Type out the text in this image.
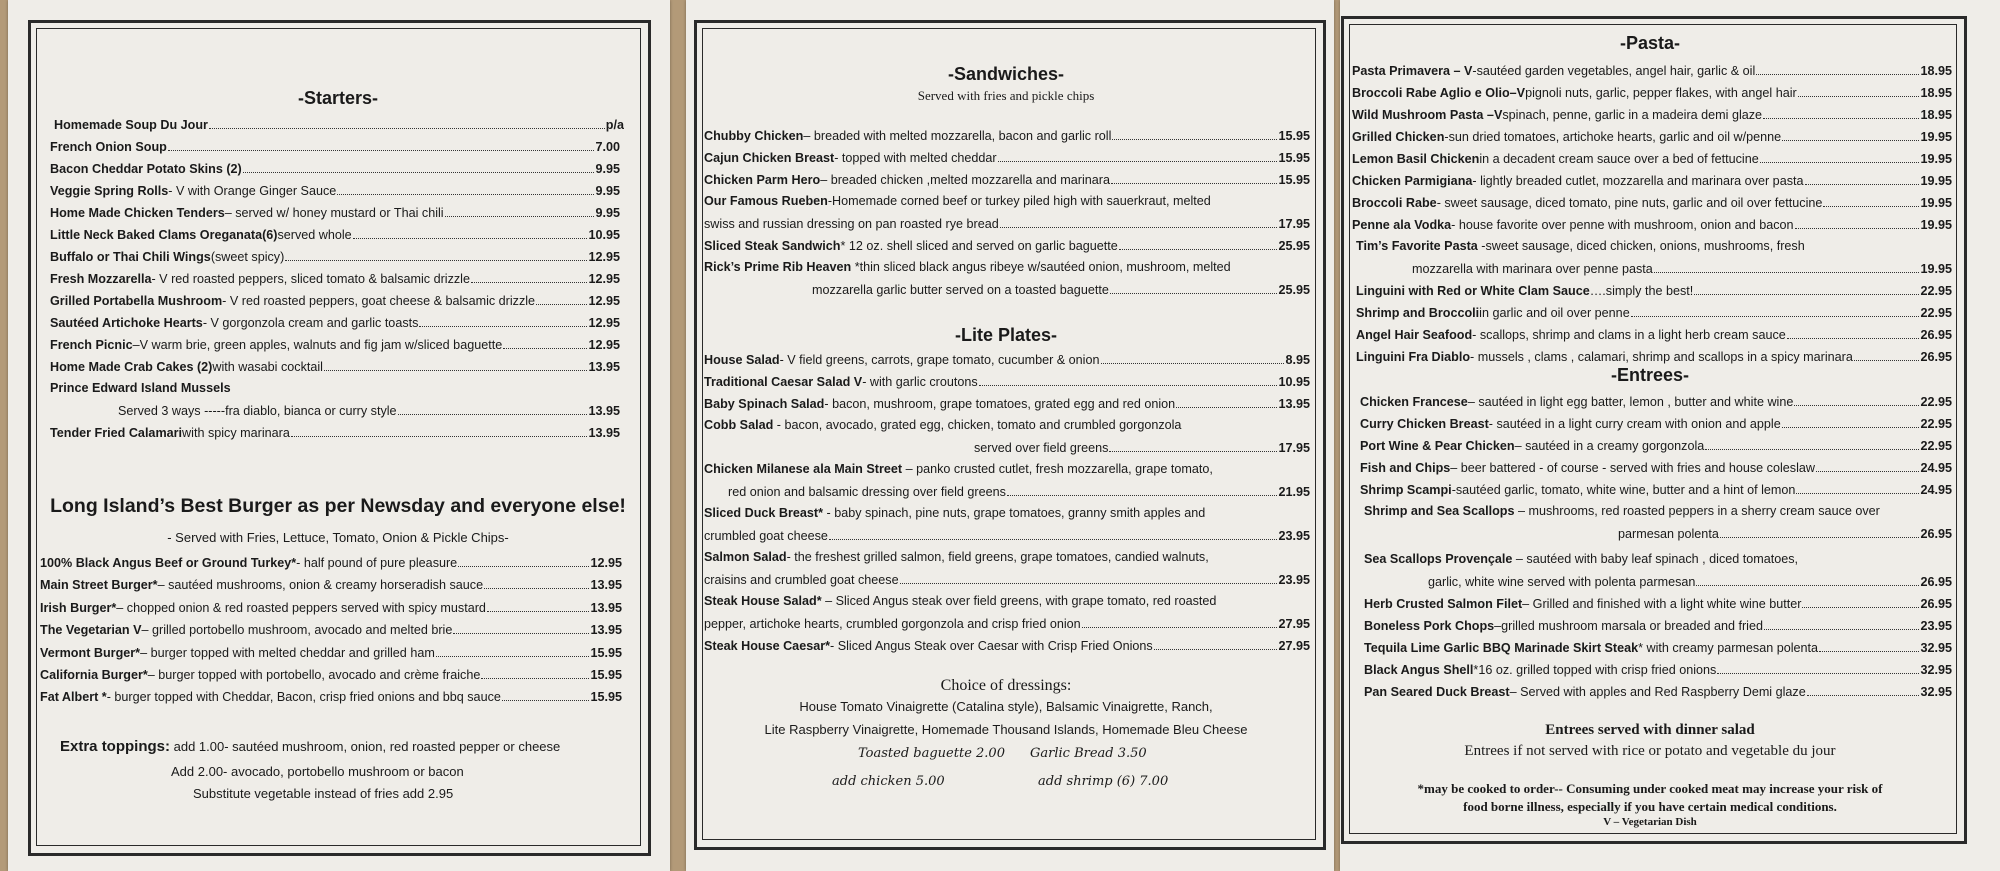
-Starters-
Homemade Soup Du Jour	p/a
French Onion Soup	7.00
Bacon Cheddar Potato Skins (2)	9.95
Veggie Spring Rolls - V with Orange Ginger Sauce	9.95
Home Made Chicken Tenders – served w/ honey mustard or Thai chili	9.95
Little Neck Baked Clams Oreganata(6) served whole	10.95
Buffalo or Thai Chili Wings (sweet spicy)	12.95
Fresh Mozzarella - V red roasted peppers, sliced tomato & balsamic drizzle	12.95
Grilled Portabella Mushroom - V red roasted peppers, goat cheese & balsamic drizzle	12.95
Sautéed Artichoke Hearts - V gorgonzola cream and garlic toasts	12.95
French Picnic –V warm brie, green apples, walnuts and fig jam w/sliced baguette	12.95
Home Made Crab Cakes (2) with wasabi cocktail	13.95
Prince Edward Island Mussels
Served 3 ways -----fra diablo, bianca or curry style	13.95
Tender Fried Calamari with spicy marinara	13.95
Long Island’s Best Burger as per Newsday and everyone else!
- Served with Fries, Lettuce, Tomato, Onion & Pickle Chips-
100% Black Angus Beef or Ground Turkey* - half pound of pure pleasure	12.95
Main Street Burger* – sautéed mushrooms, onion & creamy horseradish sauce	13.95
Irish Burger* – chopped onion & red roasted peppers served with spicy mustard	13.95
The Vegetarian V – grilled portobello mushroom, avocado and melted brie	13.95
Vermont Burger* – burger topped with melted cheddar and grilled ham	15.95
California Burger* – burger topped with portobello, avocado and crème fraiche	15.95
Fat Albert * - burger topped with Cheddar, Bacon, crisp fried onions and bbq sauce	15.95
Extra toppings: add 1.00- sautéed mushroom, onion, red roasted pepper or cheese
Add 2.00- avocado, portobello mushroom or bacon
Substitute vegetable instead of fries add 2.95
-Sandwiches-
Served with fries and pickle chips
Chubby Chicken – breaded with melted mozzarella, bacon and garlic roll	15.95
Cajun Chicken Breast - topped with melted cheddar	15.95
Chicken Parm Hero – breaded chicken ,melted mozzarella and marinara	15.95
Our Famous Rueben-Homemade corned beef or turkey piled high with sauerkraut, melted
swiss and russian dressing on pan roasted rye bread	17.95
Sliced Steak Sandwich * 12 oz. shell sliced and served on garlic baguette	25.95
Rick’s Prime Rib Heaven *thin sliced black angus ribeye w/sautéed onion, mushroom, melted
mozzarella garlic butter served on a toasted baguette	25.95
-Lite Plates-
House Salad - V field greens, carrots, grape tomato, cucumber & onion	8.95
Traditional Caesar Salad V - with garlic croutons	10.95
Baby Spinach Salad - bacon, mushroom, grape tomatoes, grated egg and red onion	13.95
Cobb Salad - bacon, avocado, grated egg, chicken, tomato and crumbled gorgonzola
served over field greens	17.95
Chicken Milanese ala Main Street – panko crusted cutlet, fresh mozzarella, grape tomato,
red onion and balsamic dressing over field greens	21.95
Sliced Duck Breast* - baby spinach, pine nuts, grape tomatoes, granny smith apples and
crumbled goat cheese	23.95
Salmon Salad- the freshest grilled salmon, field greens, grape tomatoes, candied walnuts,
craisins and crumbled goat cheese	23.95
Steak House Salad* – Sliced Angus steak over field greens, with grape tomato, red roasted
pepper, artichoke hearts, crumbled gorgonzola and crisp fried onion	27.95
Steak House Caesar* - Sliced Angus Steak over Caesar with Crisp Fried Onions	27.95
Choice of dressings:
House Tomato Vinaigrette (Catalina style), Balsamic Vinaigrette, Ranch,
Lite Raspberry Vinaigrette, Homemade Thousand Islands, Homemade Bleu Cheese
Toasted baguette 2.00 Garlic Bread 3.50
add chicken 5.00	add shrimp (6) 7.00
-Pasta-
Pasta Primavera – V -sautéed garden vegetables, angel hair, garlic & oil	18.95
Broccoli Rabe Aglio e Olio–V pignoli nuts, garlic, pepper flakes, with angel hair	18.95
Wild Mushroom Pasta –V spinach, penne, garlic in a madeira demi glaze	18.95
Grilled Chicken -sun dried tomatoes, artichoke hearts, garlic and oil w/penne	19.95
Lemon Basil Chicken in a decadent cream sauce over a bed of fettucine	19.95
Chicken Parmigiana - lightly breaded cutlet, mozzarella and marinara over pasta	19.95
Broccoli Rabe - sweet sausage, diced tomato, pine nuts, garlic and oil over fettucine	19.95
Penne ala Vodka - house favorite over penne with mushroom, onion and bacon	19.95
Tim’s Favorite Pasta -sweet sausage, diced chicken, onions, mushrooms, fresh
mozzarella with marinara over penne pasta	19.95
Linguini with Red or White Clam Sauce ….simply the best!	22.95
Shrimp and Broccoli in garlic and oil over penne	22.95
Angel Hair Seafood - scallops, shrimp and clams in a light herb cream sauce	26.95
Linguini Fra Diablo - mussels , clams , calamari, shrimp and scallops in a spicy marinara	26.95
-Entrees-
Chicken Francese – sautéed in light egg batter, lemon , butter and white wine	22.95
Curry Chicken Breast - sautéed in a light curry cream with onion and apple	22.95
Port Wine & Pear Chicken – sautéed in a creamy gorgonzola	22.95
Fish and Chips – beer battered - of course - served with fries and house coleslaw	24.95
Shrimp Scampi -sautéed garlic, tomato, white wine, butter and a hint of lemon	24.95
Shrimp and Sea Scallops – mushrooms, red roasted peppers in a sherry cream sauce over
parmesan polenta	26.95
Sea Scallops Provençale – sautéed with baby leaf spinach , diced tomatoes,
garlic, white wine served with polenta parmesan	26.95
Herb Crusted Salmon Filet – Grilled and finished with a light white wine butter	26.95
Boneless Pork Chops –grilled mushroom marsala or breaded and fried	23.95
Tequila Lime Garlic BBQ Marinade Skirt Steak * with creamy parmesan polenta	32.95
Black Angus Shell *16 oz. grilled topped with crisp fried onions	32.95
Pan Seared Duck Breast – Served with apples and Red Raspberry Demi glaze	32.95
Entrees served with dinner salad
Entrees if not served with rice or potato and vegetable du jour
*may be cooked to order-- Consuming under cooked meat may increase your risk of
food borne illness, especially if you have certain medical conditions.
V – Vegetarian Dish
